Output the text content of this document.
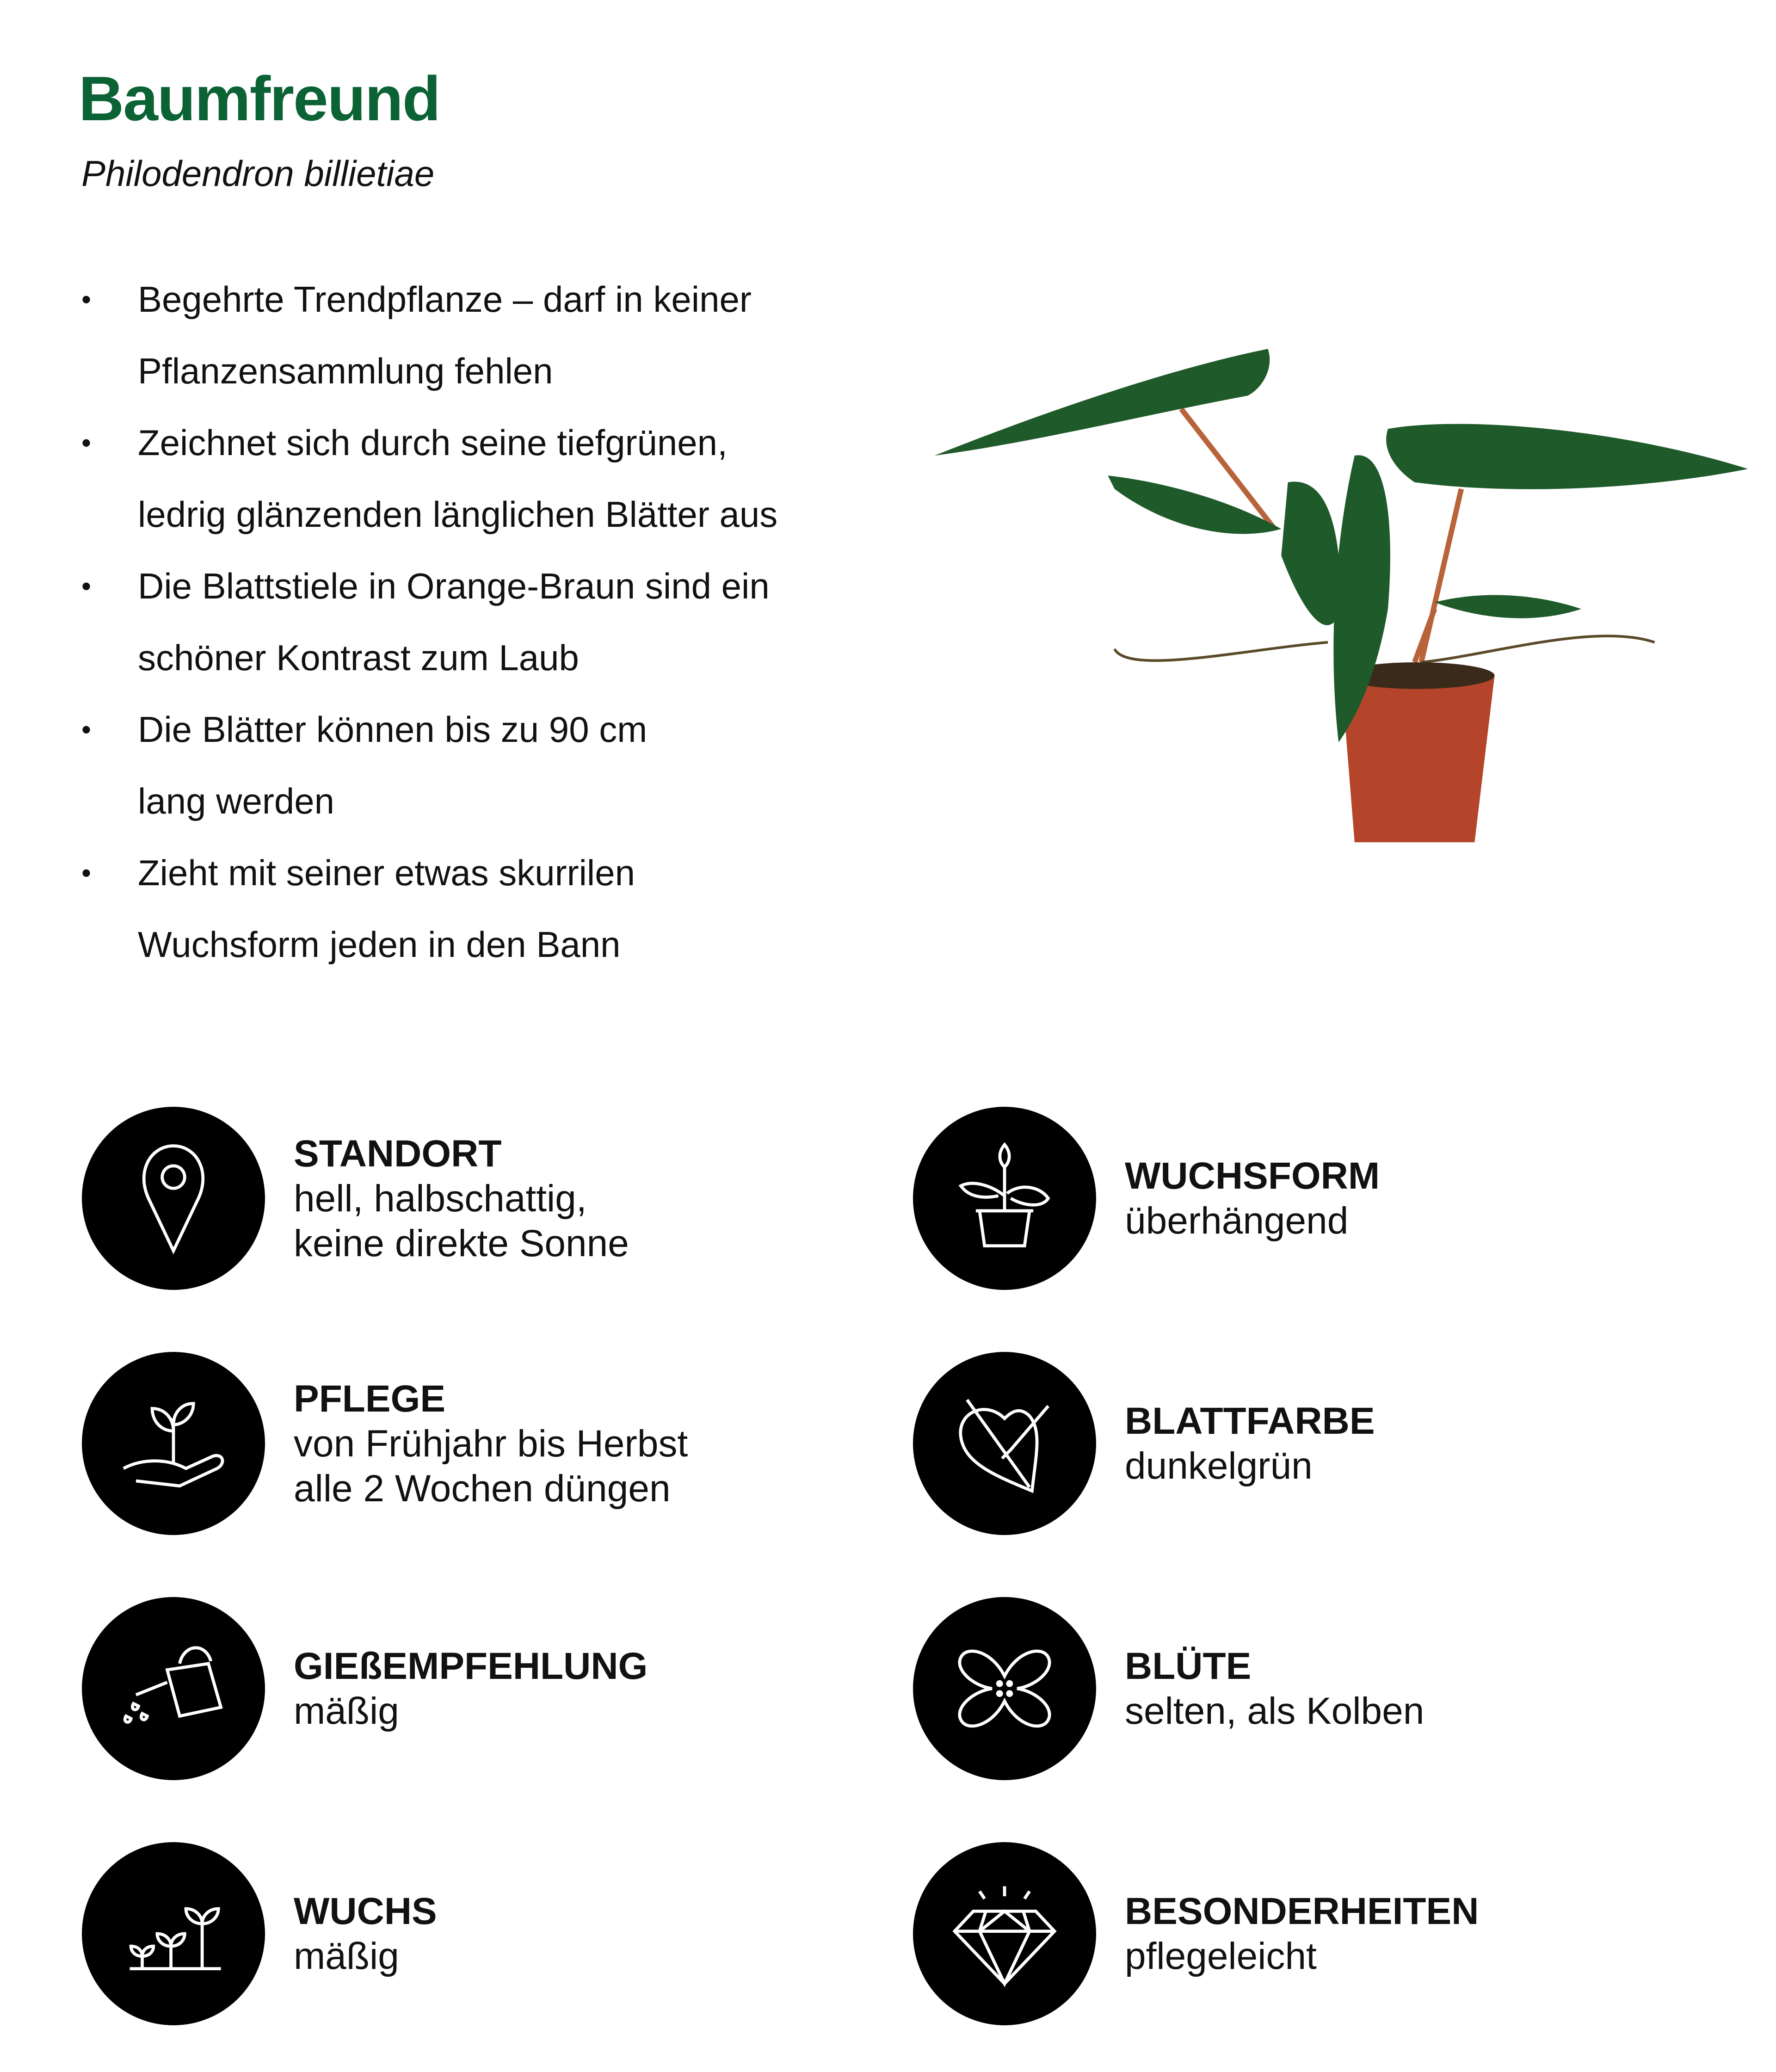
Baumfreund
Philodendron billietiae
• Begehrte Trendpflanze – darf in keiner
Pflanzensammlung fehlen
• Zeichnet sich durch seine tiefgrünen,
ledrig glänzenden länglichen Blätter aus
• Die Blattstiele in Orange-Braun sind ein
schöner Kontrast zum Laub
• Die Blätter können bis zu 90 cm
lang werden
• Zieht mit seiner etwas skurrilen
Wuchsform jeden in den Bann
STANDORT
hell, halbschattig,
keine direkte Sonne
PFLEGE
von Frühjahr bis Herbst
alle 2 Wochen düngen
GIEßEMPFEHLUNG
mäßig
WUCHS
mäßig
WUCHSFORM
überhängend
BLATTFARBE
dunkelgrün
BLÜTE
selten, als Kolben
BESONDERHEITEN
pflegeleicht
